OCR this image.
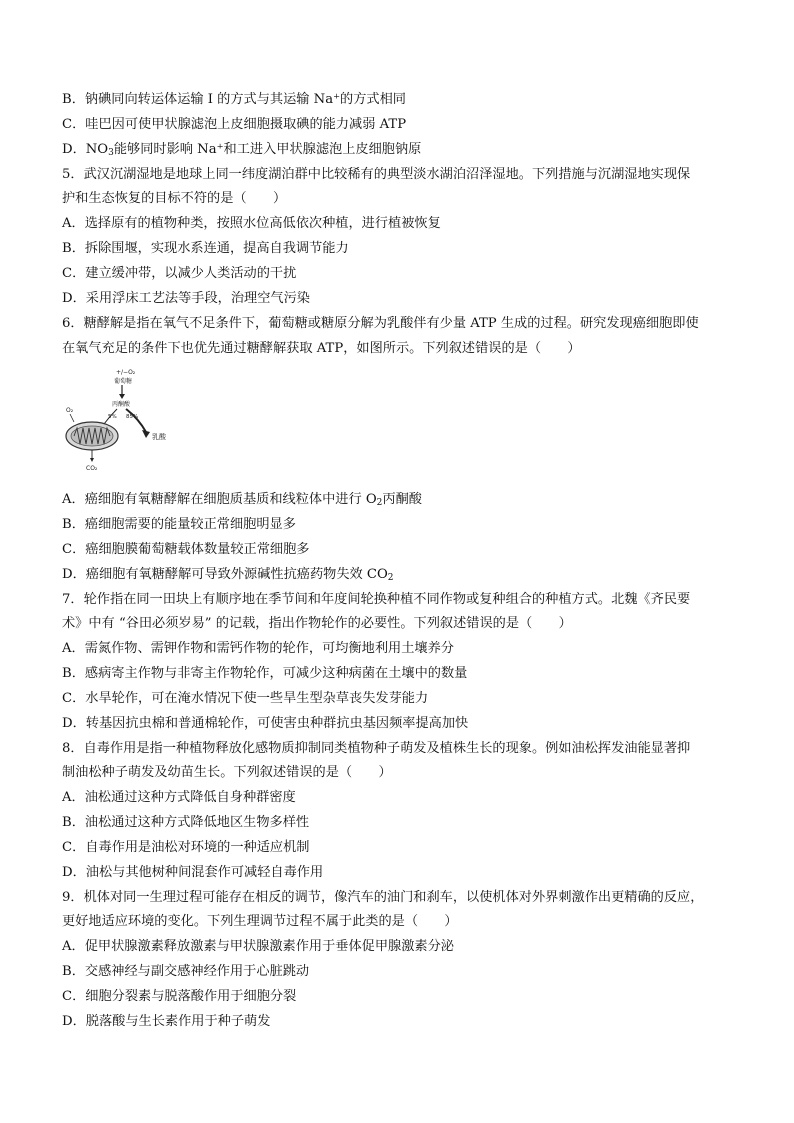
B．钠碘同向转运体运输 I 的方式与其运输 Na⁺的方式相同
C．哇巴因可使甲状腺滤泡上皮细胞摄取碘的能力减弱 ATP
D．$NO_3$能够同时影响 Na⁺和工进入甲状腺滤泡上皮细胞钠原
5．武汉沉湖湿地是地球上同一纬度湖泊群中比较稀有的典型淡水湖泊沼泽湿地。下列措施与沉湖湿地实现保
护和生态恢复的目标不符的是（　　）
A．选择原有的植物种类，按照水位高低依次种植，进行植被恢复
B．拆除围堰，实现水系连通，提高自我调节能力
C．建立缓冲带，以减少人类活动的干扰
D．采用浮床工艺法等手段，治理空气污染
6．糖酵解是指在氧气不足条件下，葡萄糖或糖原分解为乳酸伴有少量 ATP 生成的过程。研究发现癌细胞即使
在氧气充足的条件下也优先通过糖酵解获取 ATP，如图所示。下列叙述错误的是（　　）
+/−O₂
葡萄糖
丙酮酸
O₂
5% 85%
乳酸
CO₂
A．癌细胞有氧糖酵解在细胞质基质和线粒体中进行 $O_2$丙酮酸
B．癌细胞需要的能量较正常细胞明显多
C．癌细胞膜葡萄糖载体数量较正常细胞多
D．癌细胞有氧糖酵解可导致外源碱性抗癌药物失效 $CO_2$
7．轮作指在同一田块上有顺序地在季节间和年度间轮换种植不同作物或复种组合的种植方式。北魏《齐民要
术》中有 “谷田必须岁易” 的记载，指出作物轮作的必要性。下列叙述错误的是（　　）
A．需氮作物、需钾作物和需钙作物的轮作，可均衡地利用土壤养分
B．感病寄主作物与非寄主作物轮作，可减少这种病菌在土壤中的数量
C．水旱轮作，可在淹水情况下使一些旱生型杂草丧失发芽能力
D．转基因抗虫棉和普通棉轮作，可使害虫种群抗虫基因频率提高加快
8．自毒作用是指一种植物释放化感物质抑制同类植物种子萌发及植株生长的现象。例如油松挥发油能显著抑
制油松种子萌发及幼苗生长。下列叙述错误的是（　　）
A．油松通过这种方式降低自身种群密度
B．油松通过这种方式降低地区生物多样性
C．自毒作用是油松对环境的一种适应机制
D．油松与其他树种间混套作可减轻自毒作用
9．机体对同一生理过程可能存在相反的调节，像汽车的油门和刹车，以使机体对外界刺激作出更精确的反应，
更好地适应环境的变化。下列生理调节过程不属于此类的是（　　）
A．促甲状腺激素释放激素与甲状腺激素作用于垂体促甲腺激素分泌
B．交感神经与副交感神经作用于心脏跳动
C．细胞分裂素与脱落酸作用于细胞分裂
D．脱落酸与生长素作用于种子萌发
